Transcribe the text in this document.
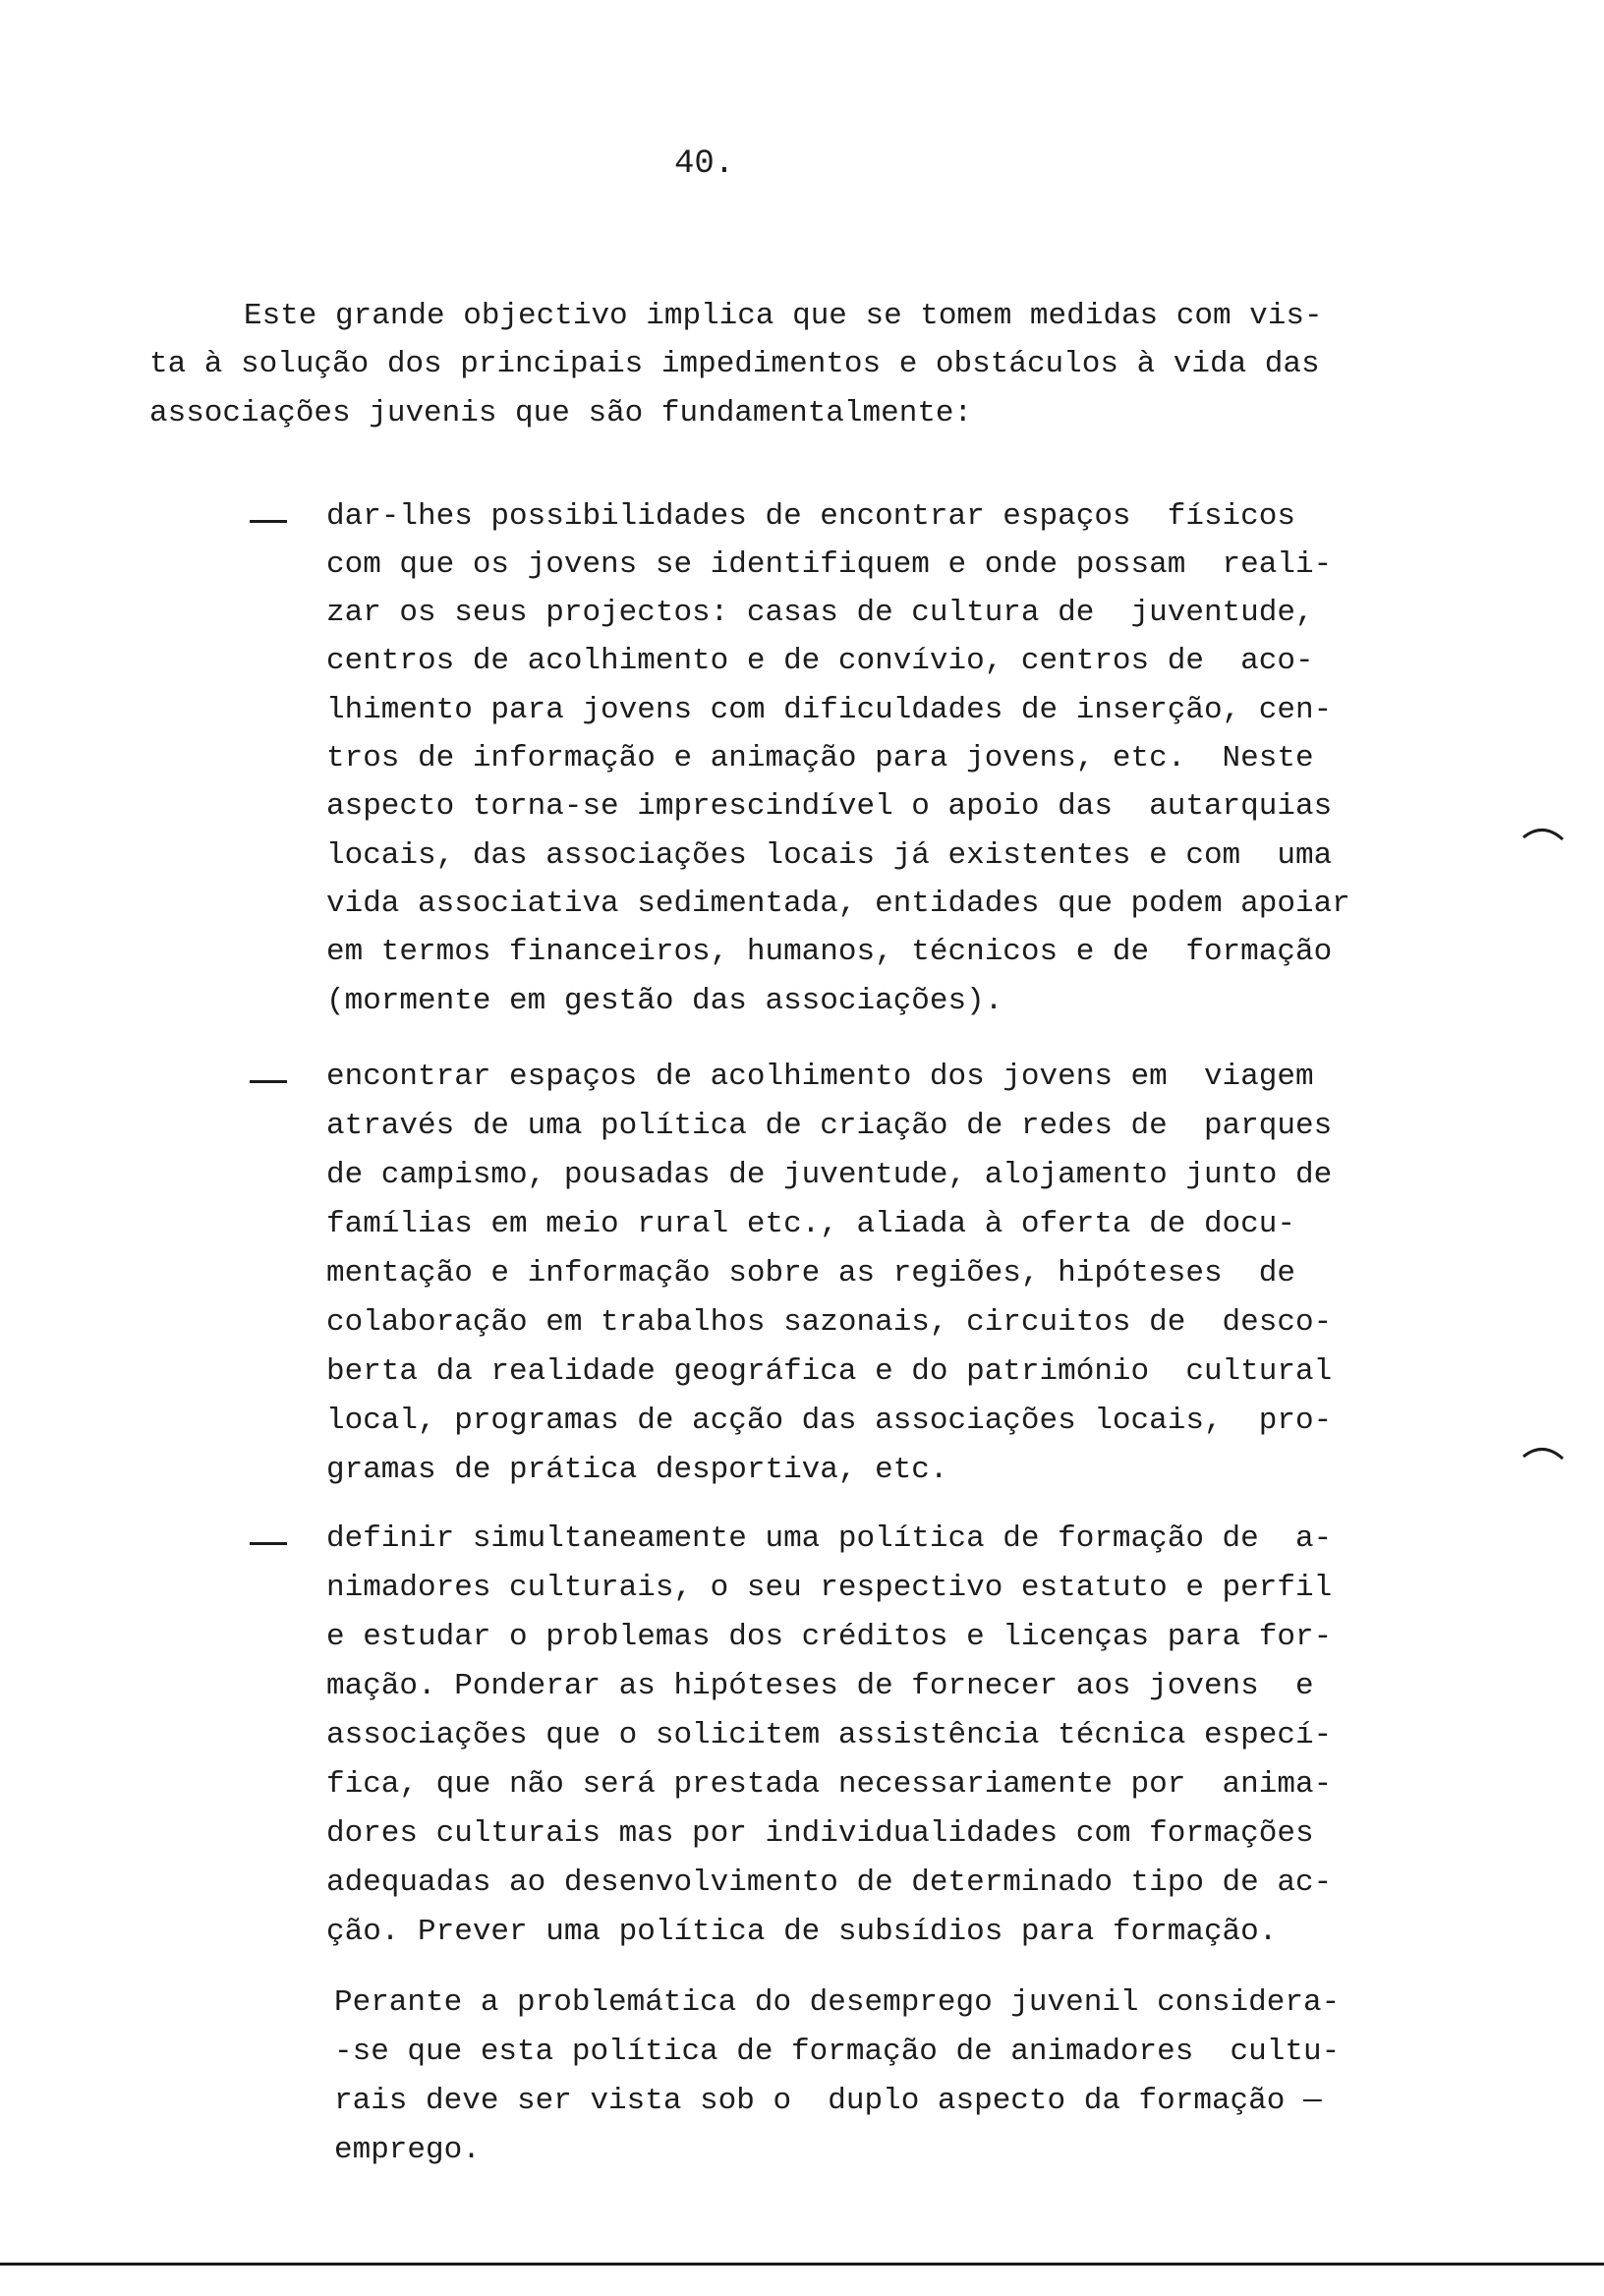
40.
Este grande objectivo implica que se tomem medidas com vis-
ta à solução dos principais impedimentos e obstáculos à vida das
associações juvenis que são fundamentalmente:
dar-lhes possibilidades de encontrar espaços  físicos
com que os jovens se identifiquem e onde possam  reali-
zar os seus projectos: casas de cultura de  juventude,
centros de acolhimento e de convívio, centros de  aco-
lhimento para jovens com dificuldades de inserção, cen-
tros de informação e animação para jovens, etc.  Neste
aspecto torna-se imprescindível o apoio das  autarquias
locais, das associações locais já existentes e com  uma
vida associativa sedimentada, entidades que podem apoiar
em termos financeiros, humanos, técnicos e de  formação
(mormente em gestão das associações).
encontrar espaços de acolhimento dos jovens em  viagem
através de uma política de criação de redes de  parques
de campismo, pousadas de juventude, alojamento junto de
famílias em meio rural etc., aliada à oferta de docu-
mentação e informação sobre as regiões, hipóteses  de
colaboração em trabalhos sazonais, circuitos de  desco-
berta da realidade geográfica e do património  cultural
local, programas de acção das associações locais,  pro-
gramas de prática desportiva, etc.
definir simultaneamente uma política de formação de  a-
nimadores culturais, o seu respectivo estatuto e perfil
e estudar o problemas dos créditos e licenças para for-
mação. Ponderar as hipóteses de fornecer aos jovens  e
associações que o solicitem assistência técnica especí-
fica, que não será prestada necessariamente por  anima-
dores culturais mas por individualidades com formações
adequadas ao desenvolvimento de determinado tipo de ac-
ção. Prever uma política de subsídios para formação.
Perante a problemática do desemprego juvenil considera-
-se que esta política de formação de animadores  cultu-
rais deve ser vista sob o  duplo aspecto da formação —
emprego.
